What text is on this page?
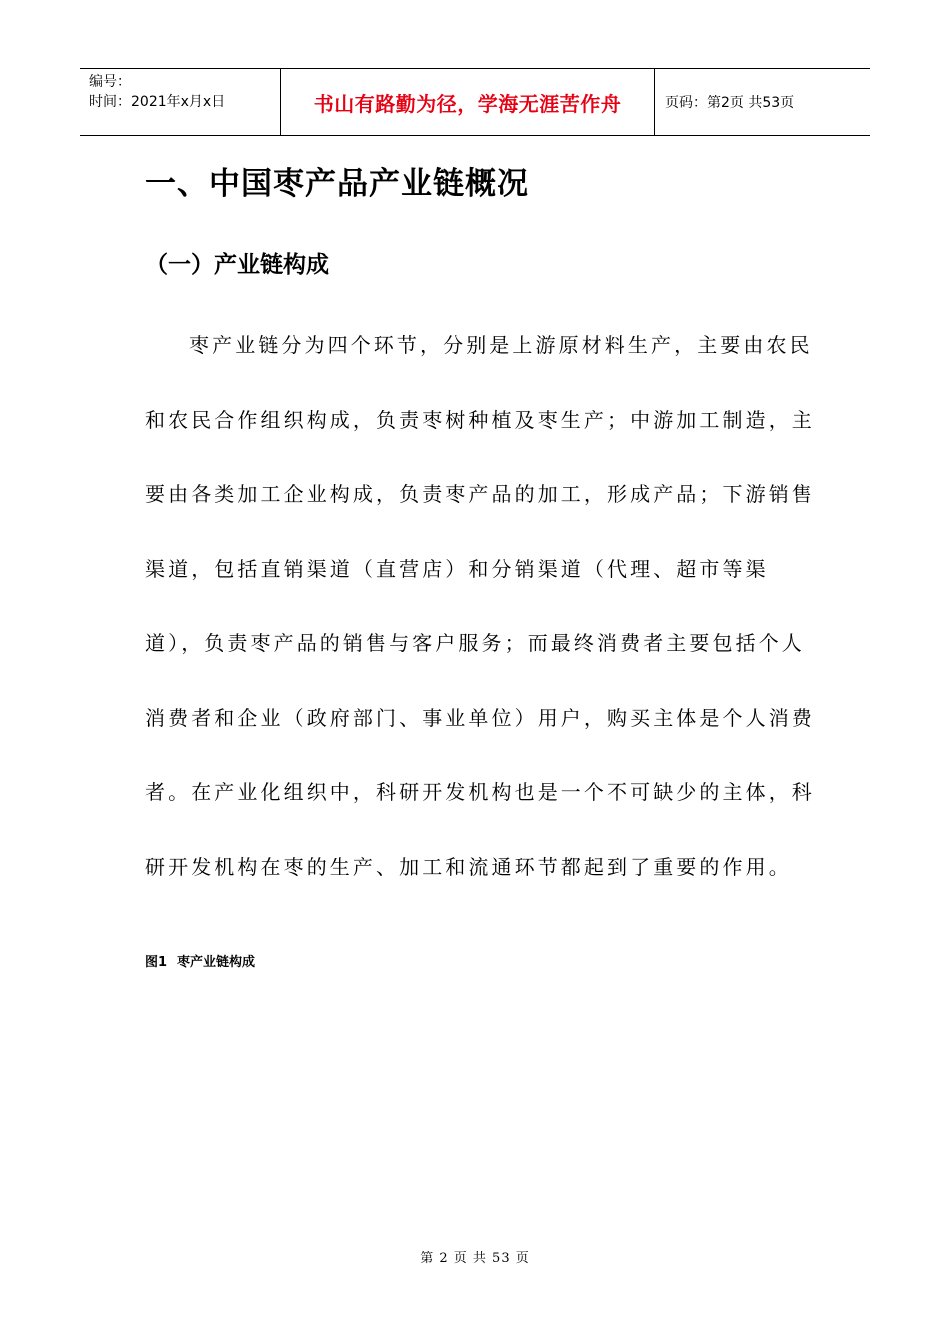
编号：
时间：2021年x月x日	书山有路勤为径，学海无涯苦作舟	页码：第2页 共53页
一、中国枣产品产业链概况
（一）产业链构成

枣产业链分为四个环节，分别是上游原材料生产，主要由农民和农民合作组织构成，负责枣树种植及枣生产；中游加工制造，主要由各类加工企业构成，负责枣产品的加工，形成产品；下游销售渠道，包括直销渠道（直营店）和分销渠道（代理、超市等渠道），负责枣产品的销售与客户服务；而最终消费者主要包括个人消费者和企业（政府部门、事业单位）用户，购买主体是个人消费者。在产业化组织中，科研开发机构也是一个不可缺少的主体，科研开发机构在枣的生产、加工和流通环节都起到了重要的作用。

图1 枣产业链构成
第 2 页 共 53 页
